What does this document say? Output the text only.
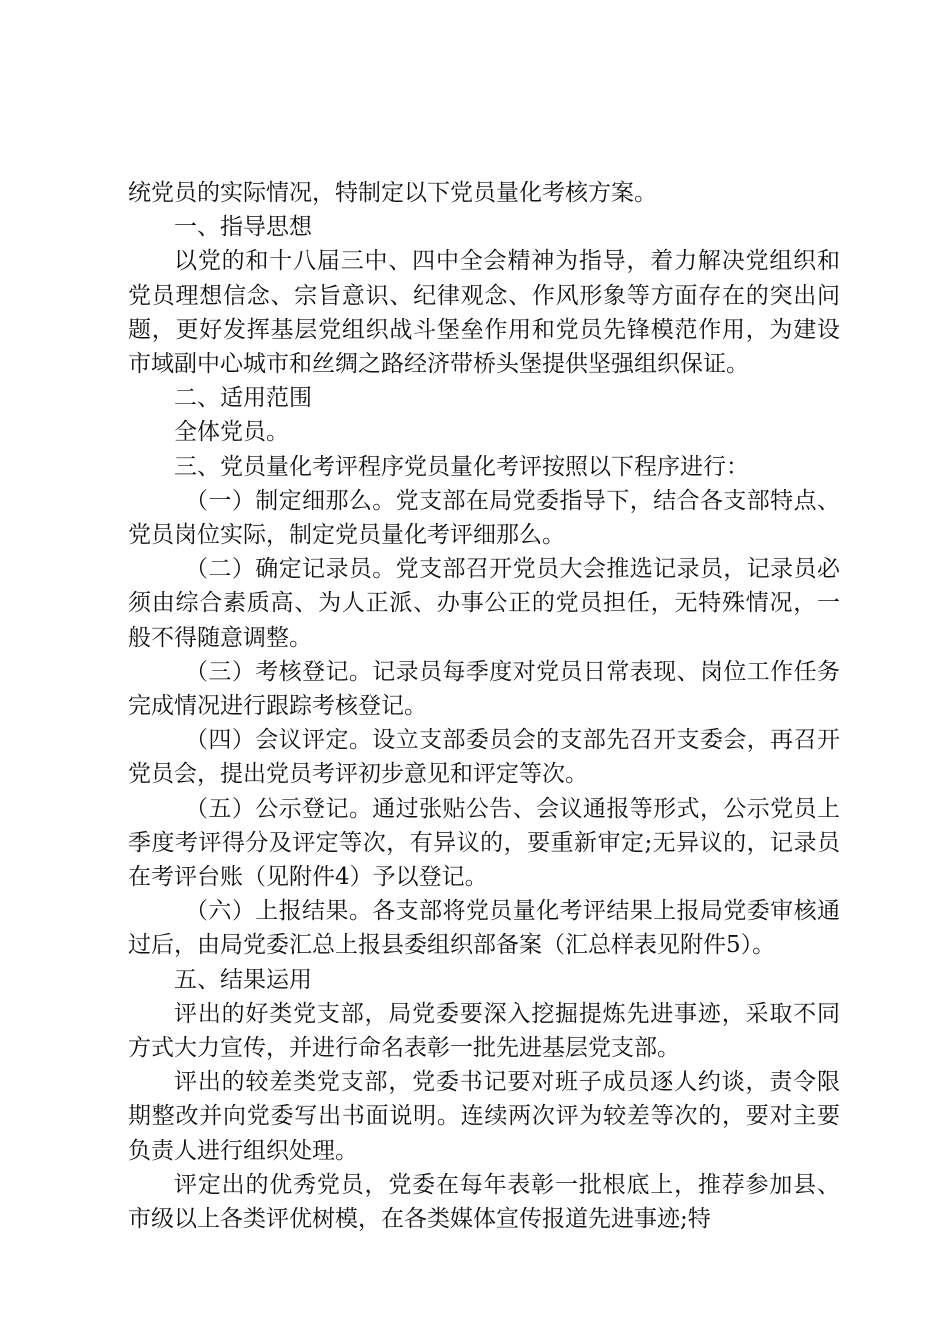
统党员的实际情况，特制定以下党员量化考核方案。

一、指导思想

以党的和十八届三中、四中全会精神为指导，着力解决党组织和党员理想信念、宗旨意识、纪律观念、作风形象等方面存在的突出问题，更好发挥基层党组织战斗堡垒作用和党员先锋模范作用，为建设市域副中心城市和丝绸之路经济带桥头堡提供坚强组织保证。

二、适用范围

全体党员。

三、党员量化考评程序党员量化考评按照以下程序进行：

（一）制定细那么。党支部在局党委指导下，结合各支部特点、党员岗位实际，制定党员量化考评细那么。

（二）确定记录员。党支部召开党员大会推选记录员，记录员必须由综合素质高、为人正派、办事公正的党员担任，无特殊情况，一般不得随意调整。

（三）考核登记。记录员每季度对党员日常表现、岗位工作任务完成情况进行跟踪考核登记。

（四）会议评定。设立支部委员会的支部先召开支委会，再召开党员会，提出党员考评初步意见和评定等次。

（五）公示登记。通过张贴公告、会议通报等形式，公示党员上季度考评得分及评定等次，有异议的，要重新审定;无异议的，记录员在考评台账（见附件4）予以登记。

（六）上报结果。各支部将党员量化考评结果上报局党委审核通过后，由局党委汇总上报县委组织部备案（汇总样表见附件5）。

五、结果运用

评出的好类党支部，局党委要深入挖掘提炼先进事迹，采取不同方式大力宣传，并进行命名表彰一批先进基层党支部。

评出的较差类党支部，党委书记要对班子成员逐人约谈，责令限期整改并向党委写出书面说明。连续两次评为较差等次的，要对主要负责人进行组织处理。

评定出的优秀党员，党委在每年表彰一批根底上，推荐参加县、市级以上各类评优树模，在各类媒体宣传报道先进事迹;特
